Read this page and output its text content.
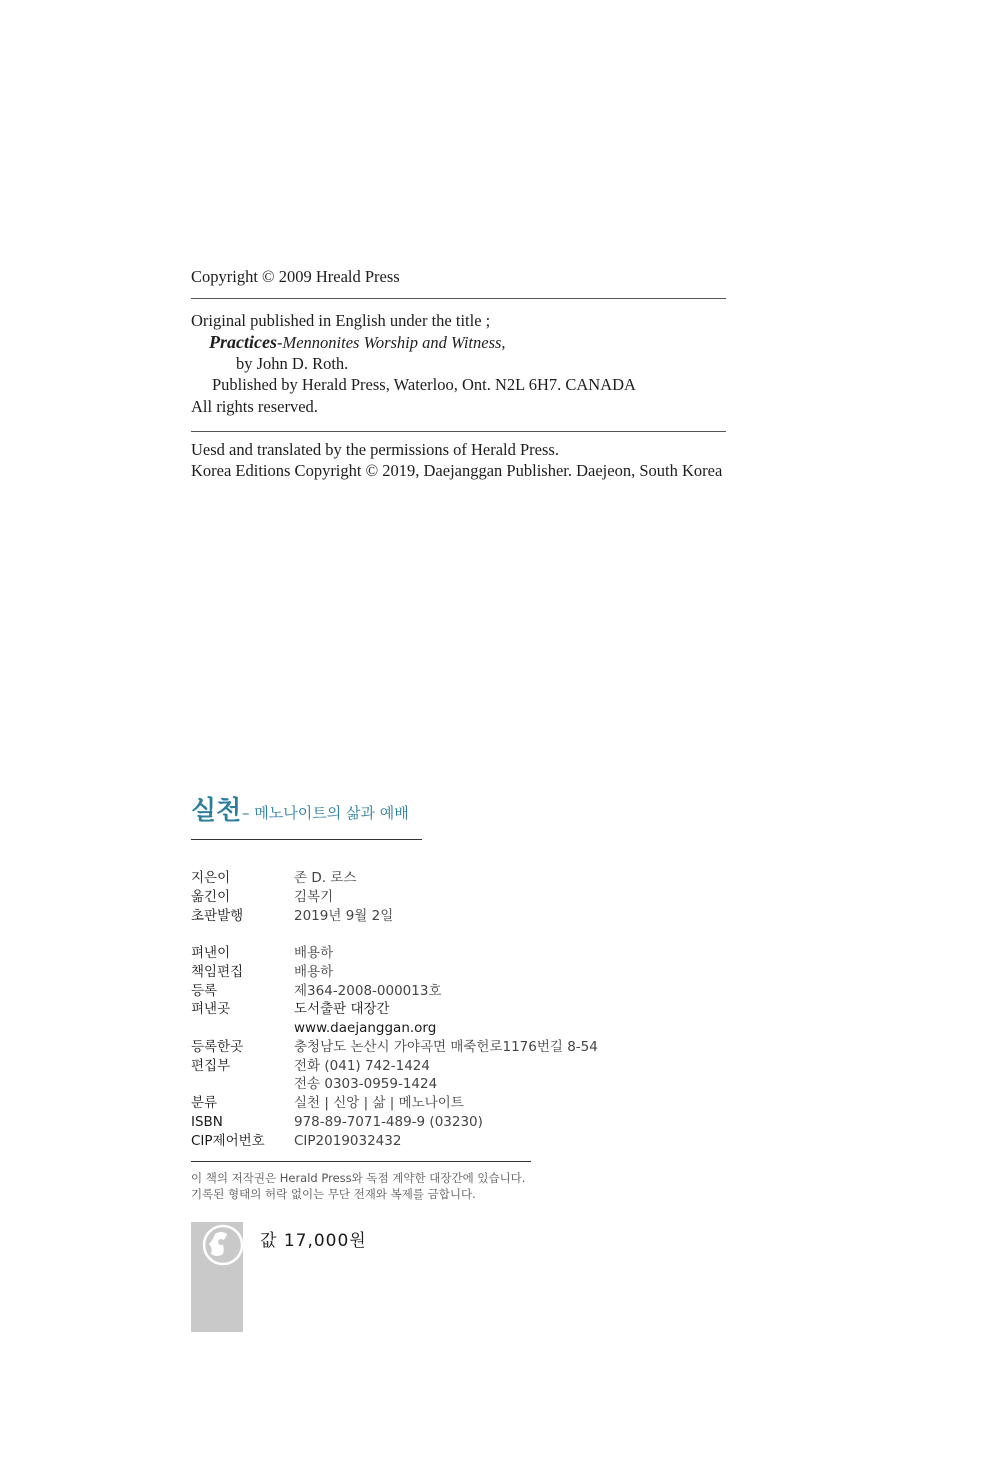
Copyright © 2009 Hreald Press
Original published in English under the title ;
Practices-Mennonites Worship and Witness,
by John D. Roth.
Published by Herald Press, Waterloo, Ont. N2L 6H7. CANADA
All rights reserved.
Uesd and translated by the permissions of Herald Press.
Korea Editions Copyright © 2019, Daejanggan Publisher. Daejeon, South Korea
실천 – 메노나이트의 삶과 예배
지은이	존 D. 로스
옮긴이	김복기
초판발행	2019년 9월 2일
펴낸이	배용하
책임편집	배용하
등록	제364-2008-000013호
펴낸곳	도서출판 대장간
www.daejanggan.org
등록한곳	충청남도 논산시 가야곡면 매죽헌로1176번길 8-54
편집부	전화 (041) 742-1424
전송 0303-0959-1424
분류	실천 | 신앙 | 삶 | 메노나이트
ISBN	978-89-7071-489-9 (03230)
CIP제어번호 CIP2019032432
이 책의 저작권은 Herald Press와 독점 계약한 대장간에 있습니다.
기록된 형태의 허락 없이는 무단 전재와 복제를 금합니다.
값 17,000원
